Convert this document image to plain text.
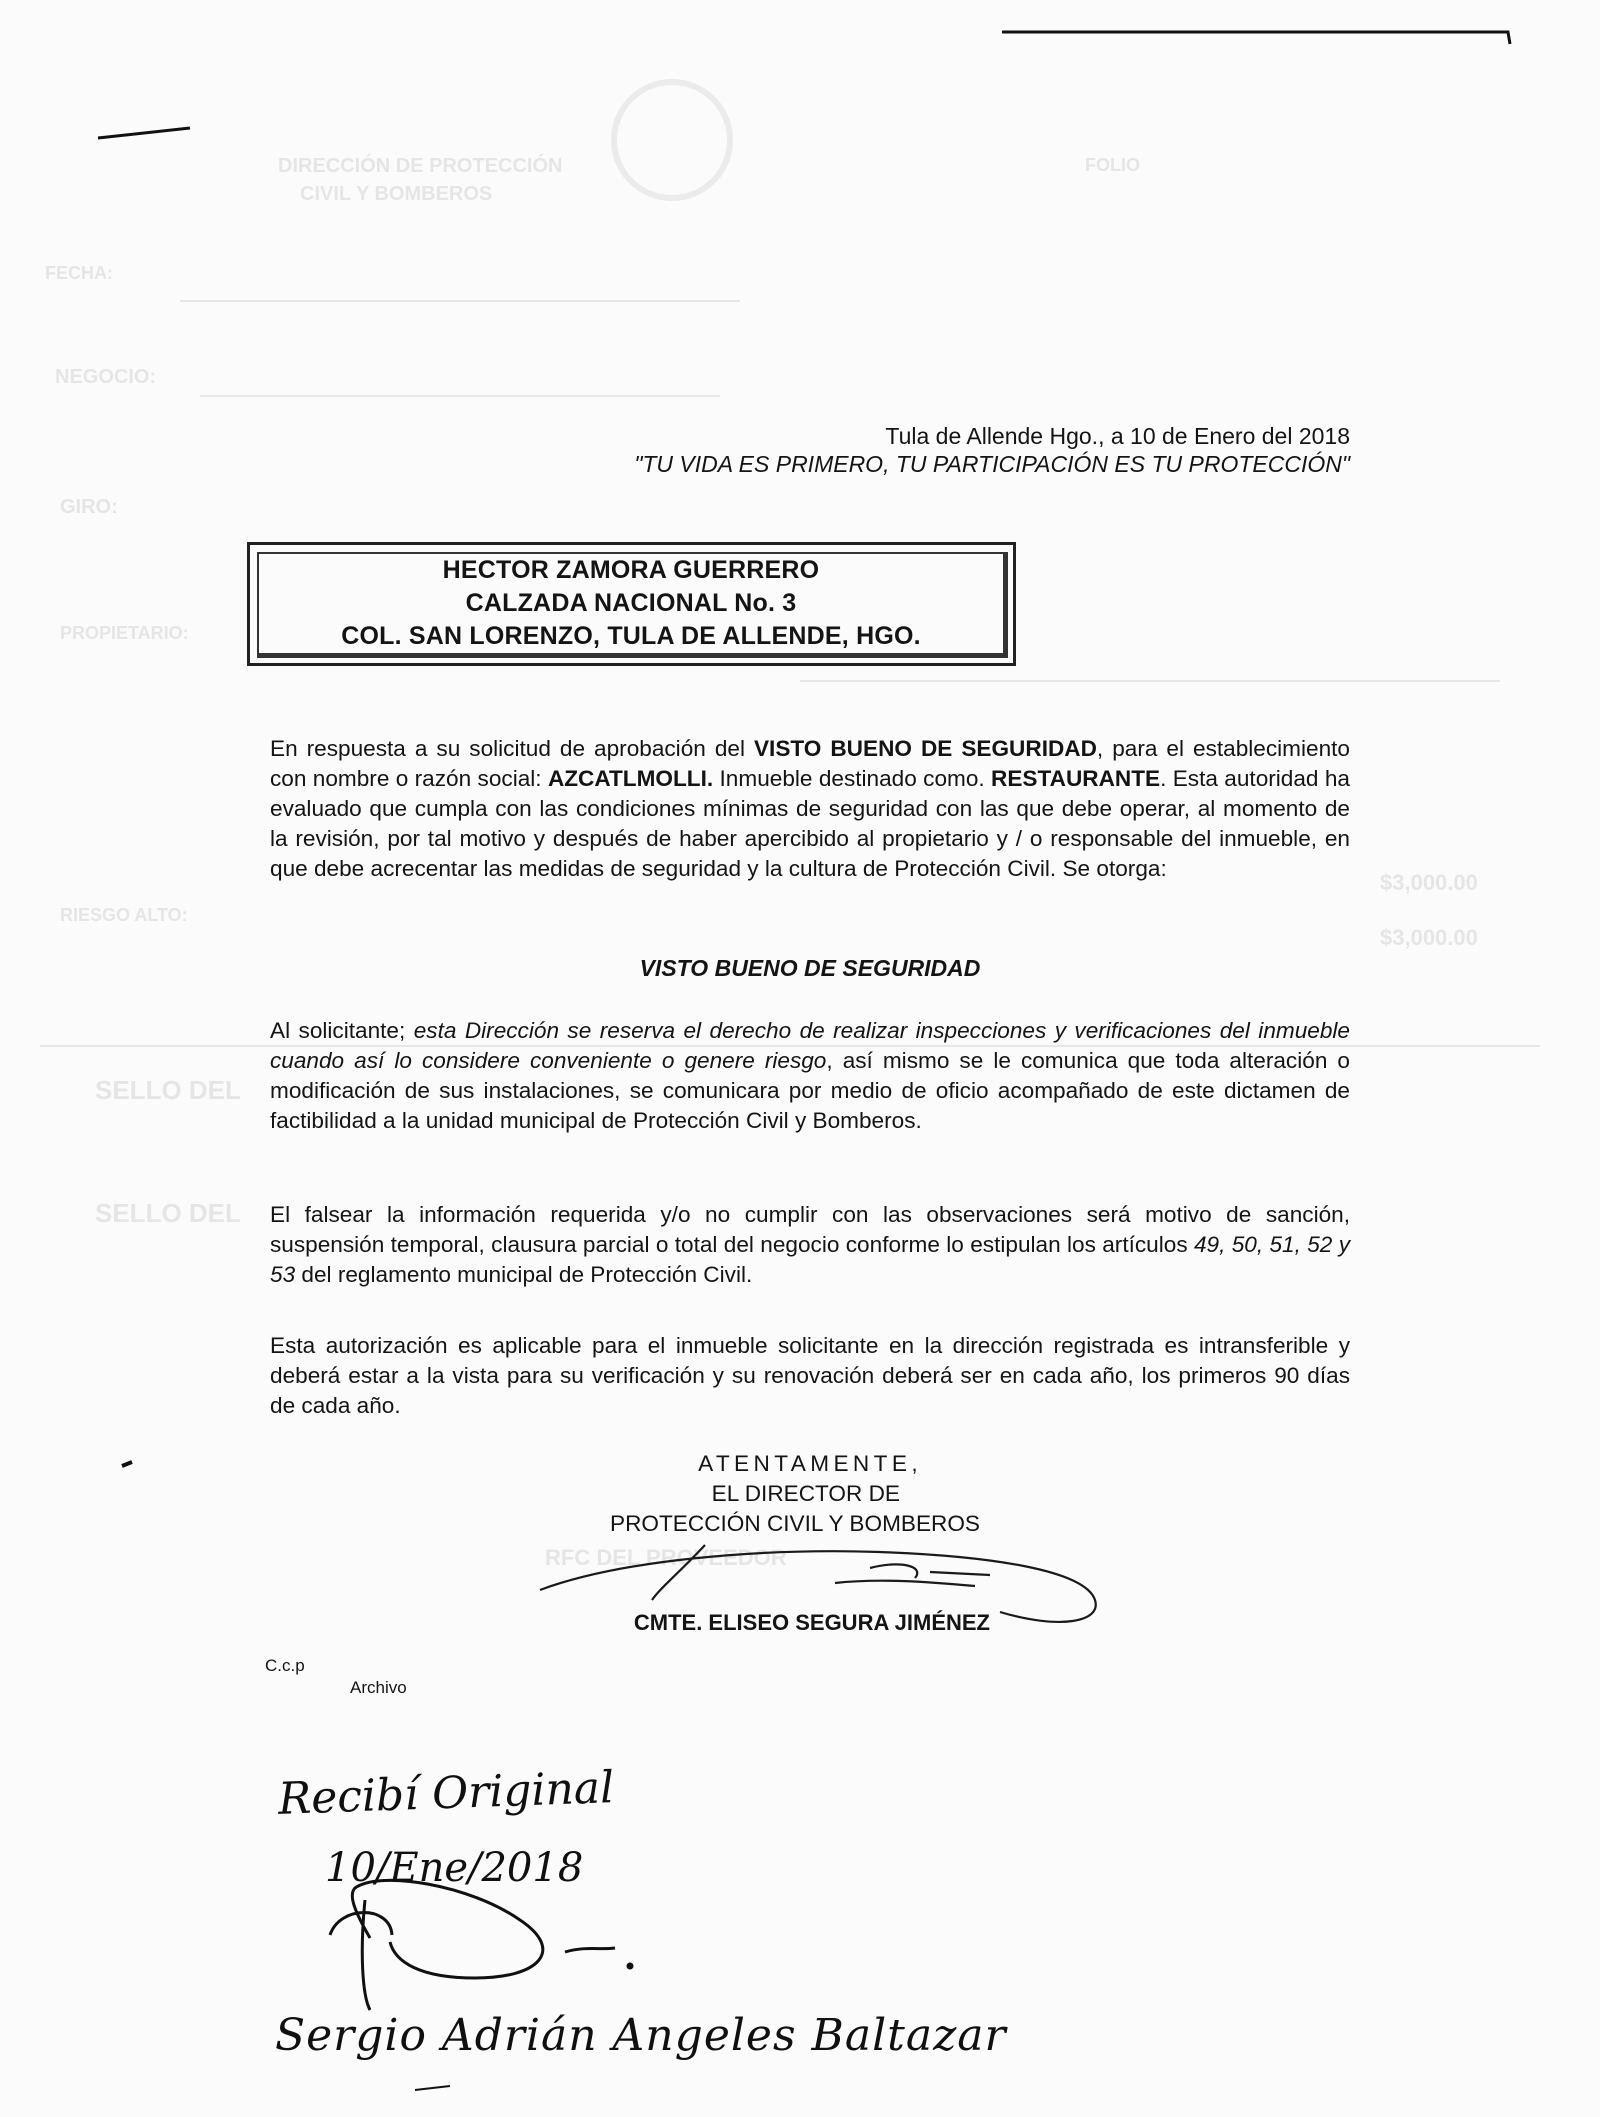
DIRECCIÓN DE PROTECCIÓN
CIVIL Y BOMBEROS
FECHA:
NEGOCIO:
GIRO:
PROPIETARIO:
RIESGO ALTO:
SELLO DEL
SELLO DEL
FOLIO
$3,000.00
$3,000.00
RFC DEL PROVEEDOR
Tula de Allende Hgo., a 10 de Enero del 2018
"TU VIDA ES PRIMERO, TU PARTICIPACIÓN ES TU PROTECCIÓN"
HECTOR ZAMORA GUERRERO
CALZADA NACIONAL No. 3
COL. SAN LORENZO, TULA DE ALLENDE, HGO.
En respuesta a su solicitud de aprobación del VISTO BUENO DE SEGURIDAD, para el establecimiento con nombre o razón social: AZCATLMOLLI. Inmueble destinado como. RESTAURANTE. Esta autoridad ha evaluado que cumpla con las condiciones mínimas de seguridad con las que debe operar, al momento de la revisión, por tal motivo y después de haber apercibido al propietario y / o responsable del inmueble, en que debe acrecentar las medidas de seguridad y la cultura de Protección Civil. Se otorga:
VISTO BUENO DE SEGURIDAD
Al solicitante; esta Dirección se reserva el derecho de realizar inspecciones y verificaciones del inmueble cuando así lo considere conveniente o genere riesgo, así mismo se le comunica que toda alteración o modificación de sus instalaciones, se comunicara por medio de oficio acompañado de este dictamen de factibilidad a la unidad municipal de Protección Civil y Bomberos.
El falsear la información requerida y/o no cumplir con las observaciones será motivo de sanción, suspensión temporal, clausura parcial o total del negocio conforme lo estipulan los artículos 49, 50, 51, 52 y 53 del reglamento municipal de Protección Civil.
Esta autorización es aplicable para el inmueble solicitante en la dirección registrada es intransferible y deberá estar a la vista para su verificación y su renovación deberá ser en cada año, los primeros 90 días de cada año.
ATENTAMENTE,
EL DIRECTOR DE
PROTECCIÓN CIVIL Y BOMBEROS
CMTE. ELISEO SEGURA JIMÉNEZ
C.c.p
Archivo
Recibí Original
10/Ene/2018
Sergio Adrián Angeles Baltazar
